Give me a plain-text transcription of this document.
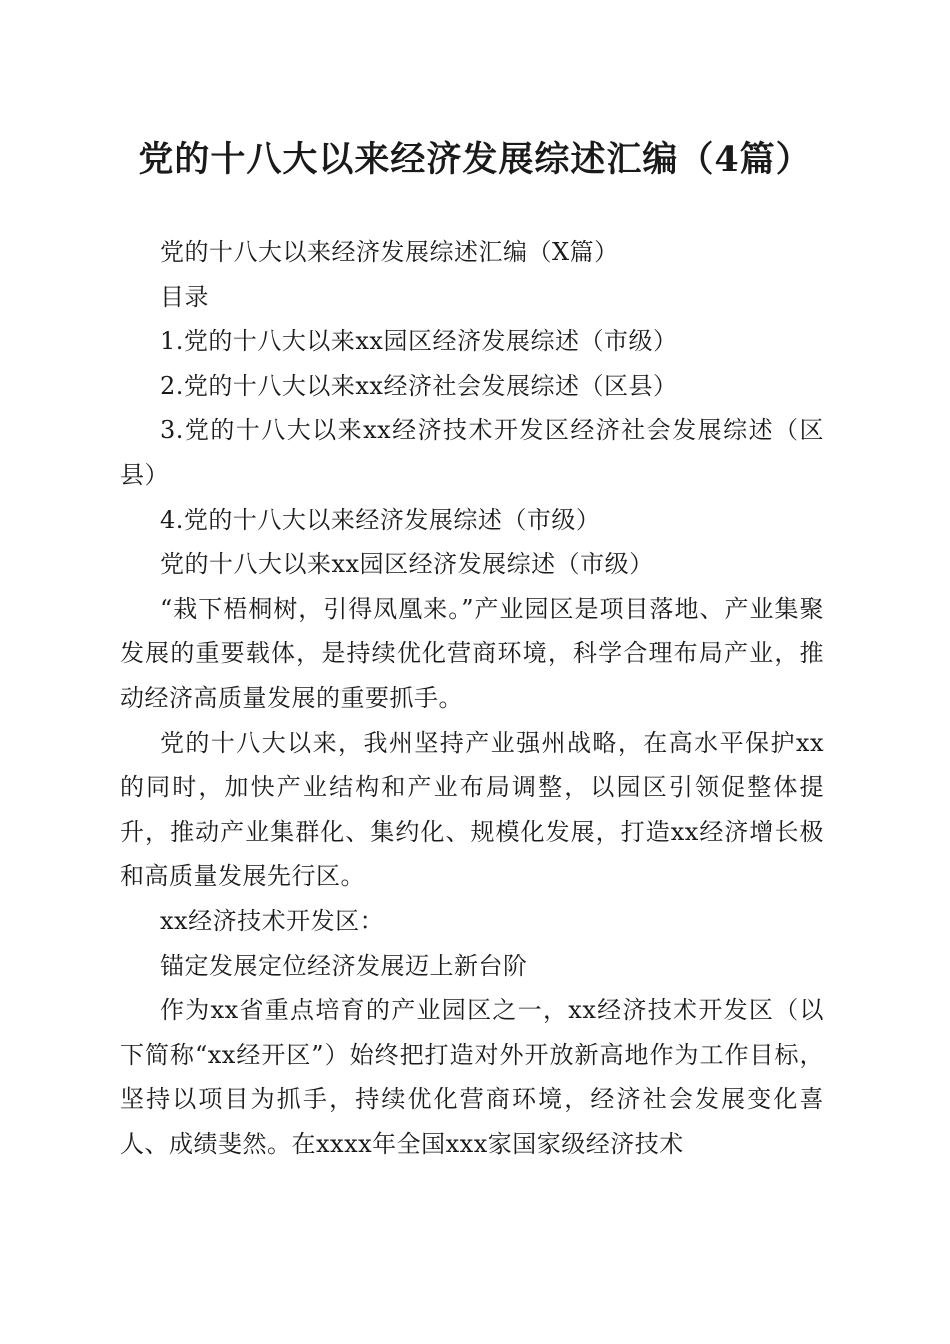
党的十八大以来经济发展综述汇编（4篇）

党的十八大以来经济发展综述汇编（X篇）

目录

1.党的十八大以来xx园区经济发展综述（市级）

2.党的十八大以来xx经济社会发展综述（区县）

3.党的十八大以来xx经济技术开发区经济社会发展综述（区县）

4.党的十八大以来经济发展综述（市级）

党的十八大以来xx园区经济发展综述（市级）

“栽下梧桐树，引得凤凰来。”产业园区是项目落地、产业集聚发展的重要载体，是持续优化营商环境，科学合理布局产业，推动经济高质量发展的重要抓手。

党的十八大以来，我州坚持产业强州战略，在高水平保护xx的同时，加快产业结构和产业布局调整，以园区引领促整体提升，推动产业集群化、集约化、规模化发展，打造xx经济增长极和高质量发展先行区。

xx经济技术开发区：

锚定发展定位经济发展迈上新台阶

作为xx省重点培育的产业园区之一，xx经济技术开发区（以下简称“xx经开区”）始终把打造对外开放新高地作为工作目标，坚持以项目为抓手，持续优化营商环境，经济社会发展变化喜人、成绩斐然。在xxxx年全国xxx家国家级经济技术
